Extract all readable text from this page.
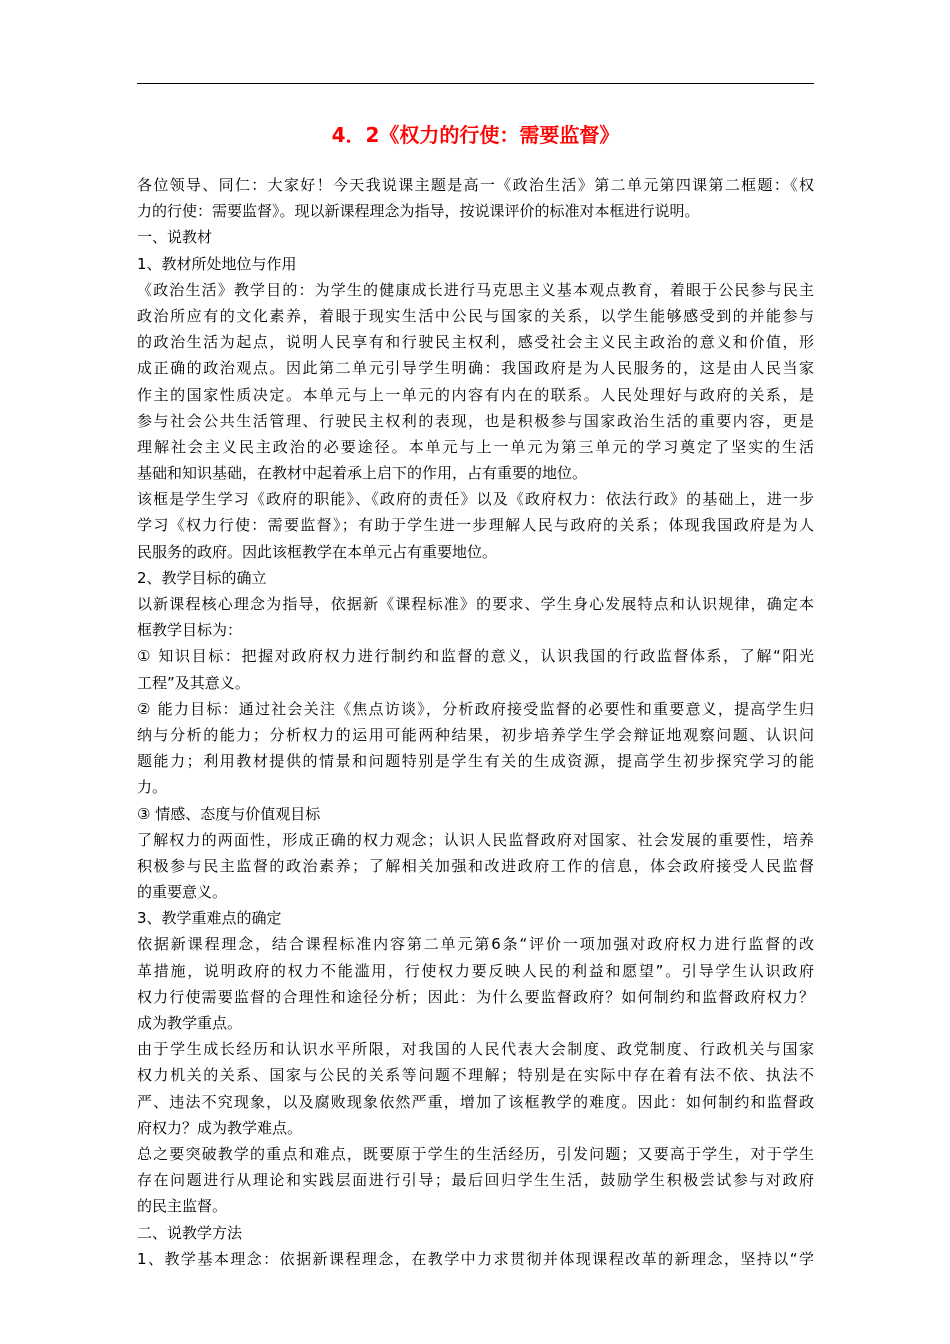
4．2《权力的行使：需要监督》
各位领导、同仁：大家好！今天我说课主题是高一《政治生活》第二单元第四课第二框题：《权
力的行使：需要监督》。现以新课程理念为指导，按说课评价的标准对本框进行说明。
一、说教材
1、教材所处地位与作用
《政治生活》教学目的：为学生的健康成长进行马克思主义基本观点教育，着眼于公民参与民主
政治所应有的文化素养，着眼于现实生活中公民与国家的关系，以学生能够感受到的并能参与
的政治生活为起点，说明人民享有和行驶民主权利，感受社会主义民主政治的意义和价值，形
成正确的政治观点。因此第二单元引导学生明确：我国政府是为人民服务的，这是由人民当家
作主的国家性质决定。本单元与上一单元的内容有内在的联系。人民处理好与政府的关系，是
参与社会公共生活管理、行驶民主权利的表现，也是积极参与国家政治生活的重要内容，更是
理解社会主义民主政治的必要途径。本单元与上一单元为第三单元的学习奠定了坚实的生活
基础和知识基础，在教材中起着承上启下的作用，占有重要的地位。
该框是学生学习《政府的职能》、《政府的责任》以及《政府权力：依法行政》的基础上，进一步
学习《权力行使：需要监督》；有助于学生进一步理解人民与政府的关系；体现我国政府是为人
民服务的政府。因此该框教学在本单元占有重要地位。
2、教学目标的确立
以新课程核心理念为指导，依据新《课程标准》的要求、学生身心发展特点和认识规律，确定本
框教学目标为：
① 知识目标：把握对政府权力进行制约和监督的意义，认识我国的行政监督体系，了解“阳光
工程”及其意义。
② 能力目标：通过社会关注《焦点访谈》，分析政府接受监督的必要性和重要意义，提高学生归
纳与分析的能力；分析权力的运用可能两种结果，初步培养学生学会辩证地观察问题、认识问
题能力；利用教材提供的情景和问题特别是学生有关的生成资源，提高学生初步探究学习的能
力。
③ 情感、态度与价值观目标
了解权力的两面性，形成正确的权力观念；认识人民监督政府对国家、社会发展的重要性，培养
积极参与民主监督的政治素养；了解相关加强和改进政府工作的信息，体会政府接受人民监督
的重要意义。
3、教学重难点的确定
依据新课程理念，结合课程标准内容第二单元第6条“评价一项加强对政府权力进行监督的改
革措施，说明政府的权力不能滥用，行使权力要反映人民的利益和愿望”。引导学生认识政府
权力行使需要监督的合理性和途径分析；因此：为什么要监督政府？如何制约和监督政府权力？
成为教学重点。
由于学生成长经历和认识水平所限，对我国的人民代表大会制度、政党制度、行政机关与国家
权力机关的关系、国家与公民的关系等问题不理解；特别是在实际中存在着有法不依、执法不
严、违法不究现象，以及腐败现象依然严重，增加了该框教学的难度。因此：如何制约和监督政
府权力？成为教学难点。
总之要突破教学的重点和难点，既要原于学生的生活经历，引发问题；又要高于学生，对于学生
存在问题进行从理论和实践层面进行引导；最后回归学生生活，鼓励学生积极尝试参与对政府
的民主监督。
二、说教学方法
1、教学基本理念：依据新课程理念，在教学中力求贯彻并体现课程改革的新理念，坚持以“学
